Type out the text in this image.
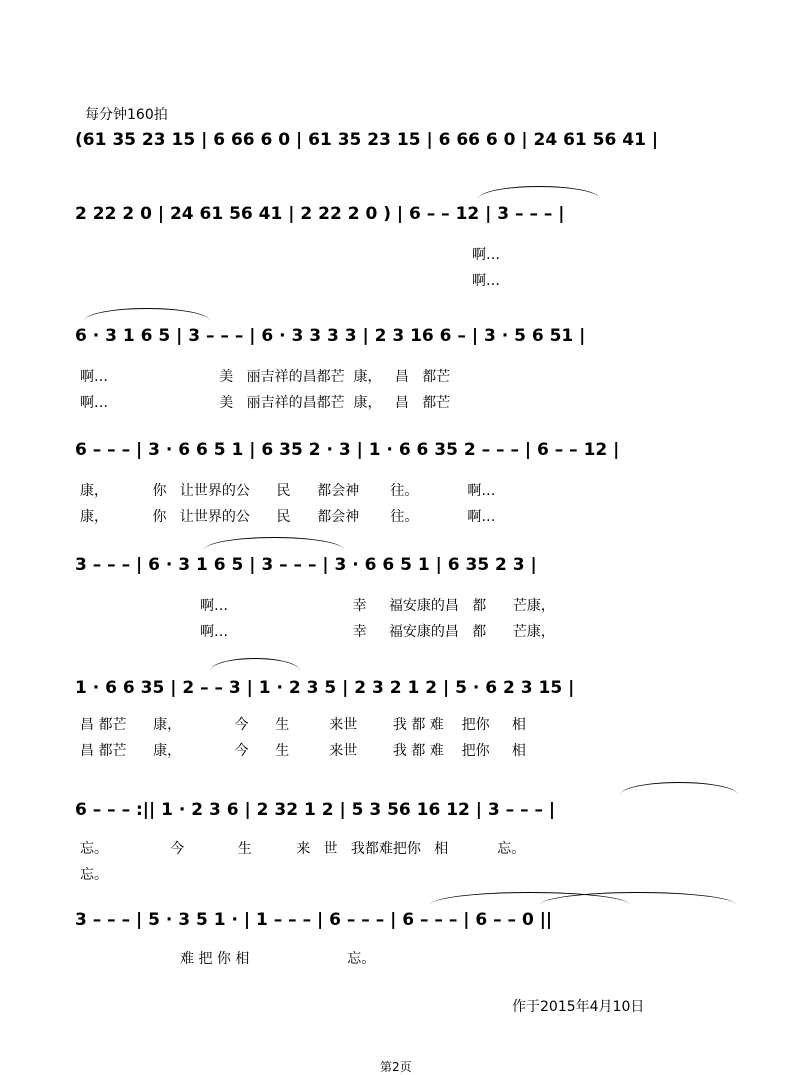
每分钟160拍
(61 35 23 15 | 6 66 6 0 | 61 35 23 15 | 6 66 6 0 | 24 61 56 41 |
2 22 2 0 | 24 61 56 41 | 2 22 2 0 ) | 6 – – 12 | 3 – – – |
啊…
啊…
6 · 3 1 6 5 | 3 – – – | 6 · 3 3 3 3 | 2 3 16 6 – | 3 · 5 6 51 |
啊…                         美   丽吉祥的昌都芒  康，   昌   都芒
啊…                         美   丽吉祥的昌都芒  康，   昌   都芒
6 – – – | 3 · 6 6 5 1 | 6 35 2 · 3 | 1 · 6 6 35 2 – – – | 6 – – 12 |
康，          你   让世界的公      民      都会神       往。           啊…
康，          你   让世界的公      民      都会神       往。           啊…
3 – – – | 6 · 3 1 6 5 | 3 – – – | 3 · 6 6 5 1 | 6 35 2 3 |
啊…                            幸     福安康的昌   都      芒康，
啊…                            幸     福安康的昌   都      芒康，
1 · 6 6 35 | 2 – – 3 | 1 · 2 3 5 | 2 3 2 1 2 | 5 · 6 2 3 15 |
昌 都芒      康，            今      生         来世        我 都 难    把你     相
昌 都芒      康，            今      生         来世        我 都 难    把你     相
6 – – – :|| 1 · 2 3 6 | 2 32 1 2 | 5 3 56 16 12 | 3 – – – |
忘。              今            生          来   世   我都难把你   相           忘。
忘。
3 – – – | 5 · 3 5 1 · | 1 – – – | 6 – – – | 6 – – – | 6 – – 0 ||
难 把 你 相                      忘。
作于2015年4月10日
第2页
